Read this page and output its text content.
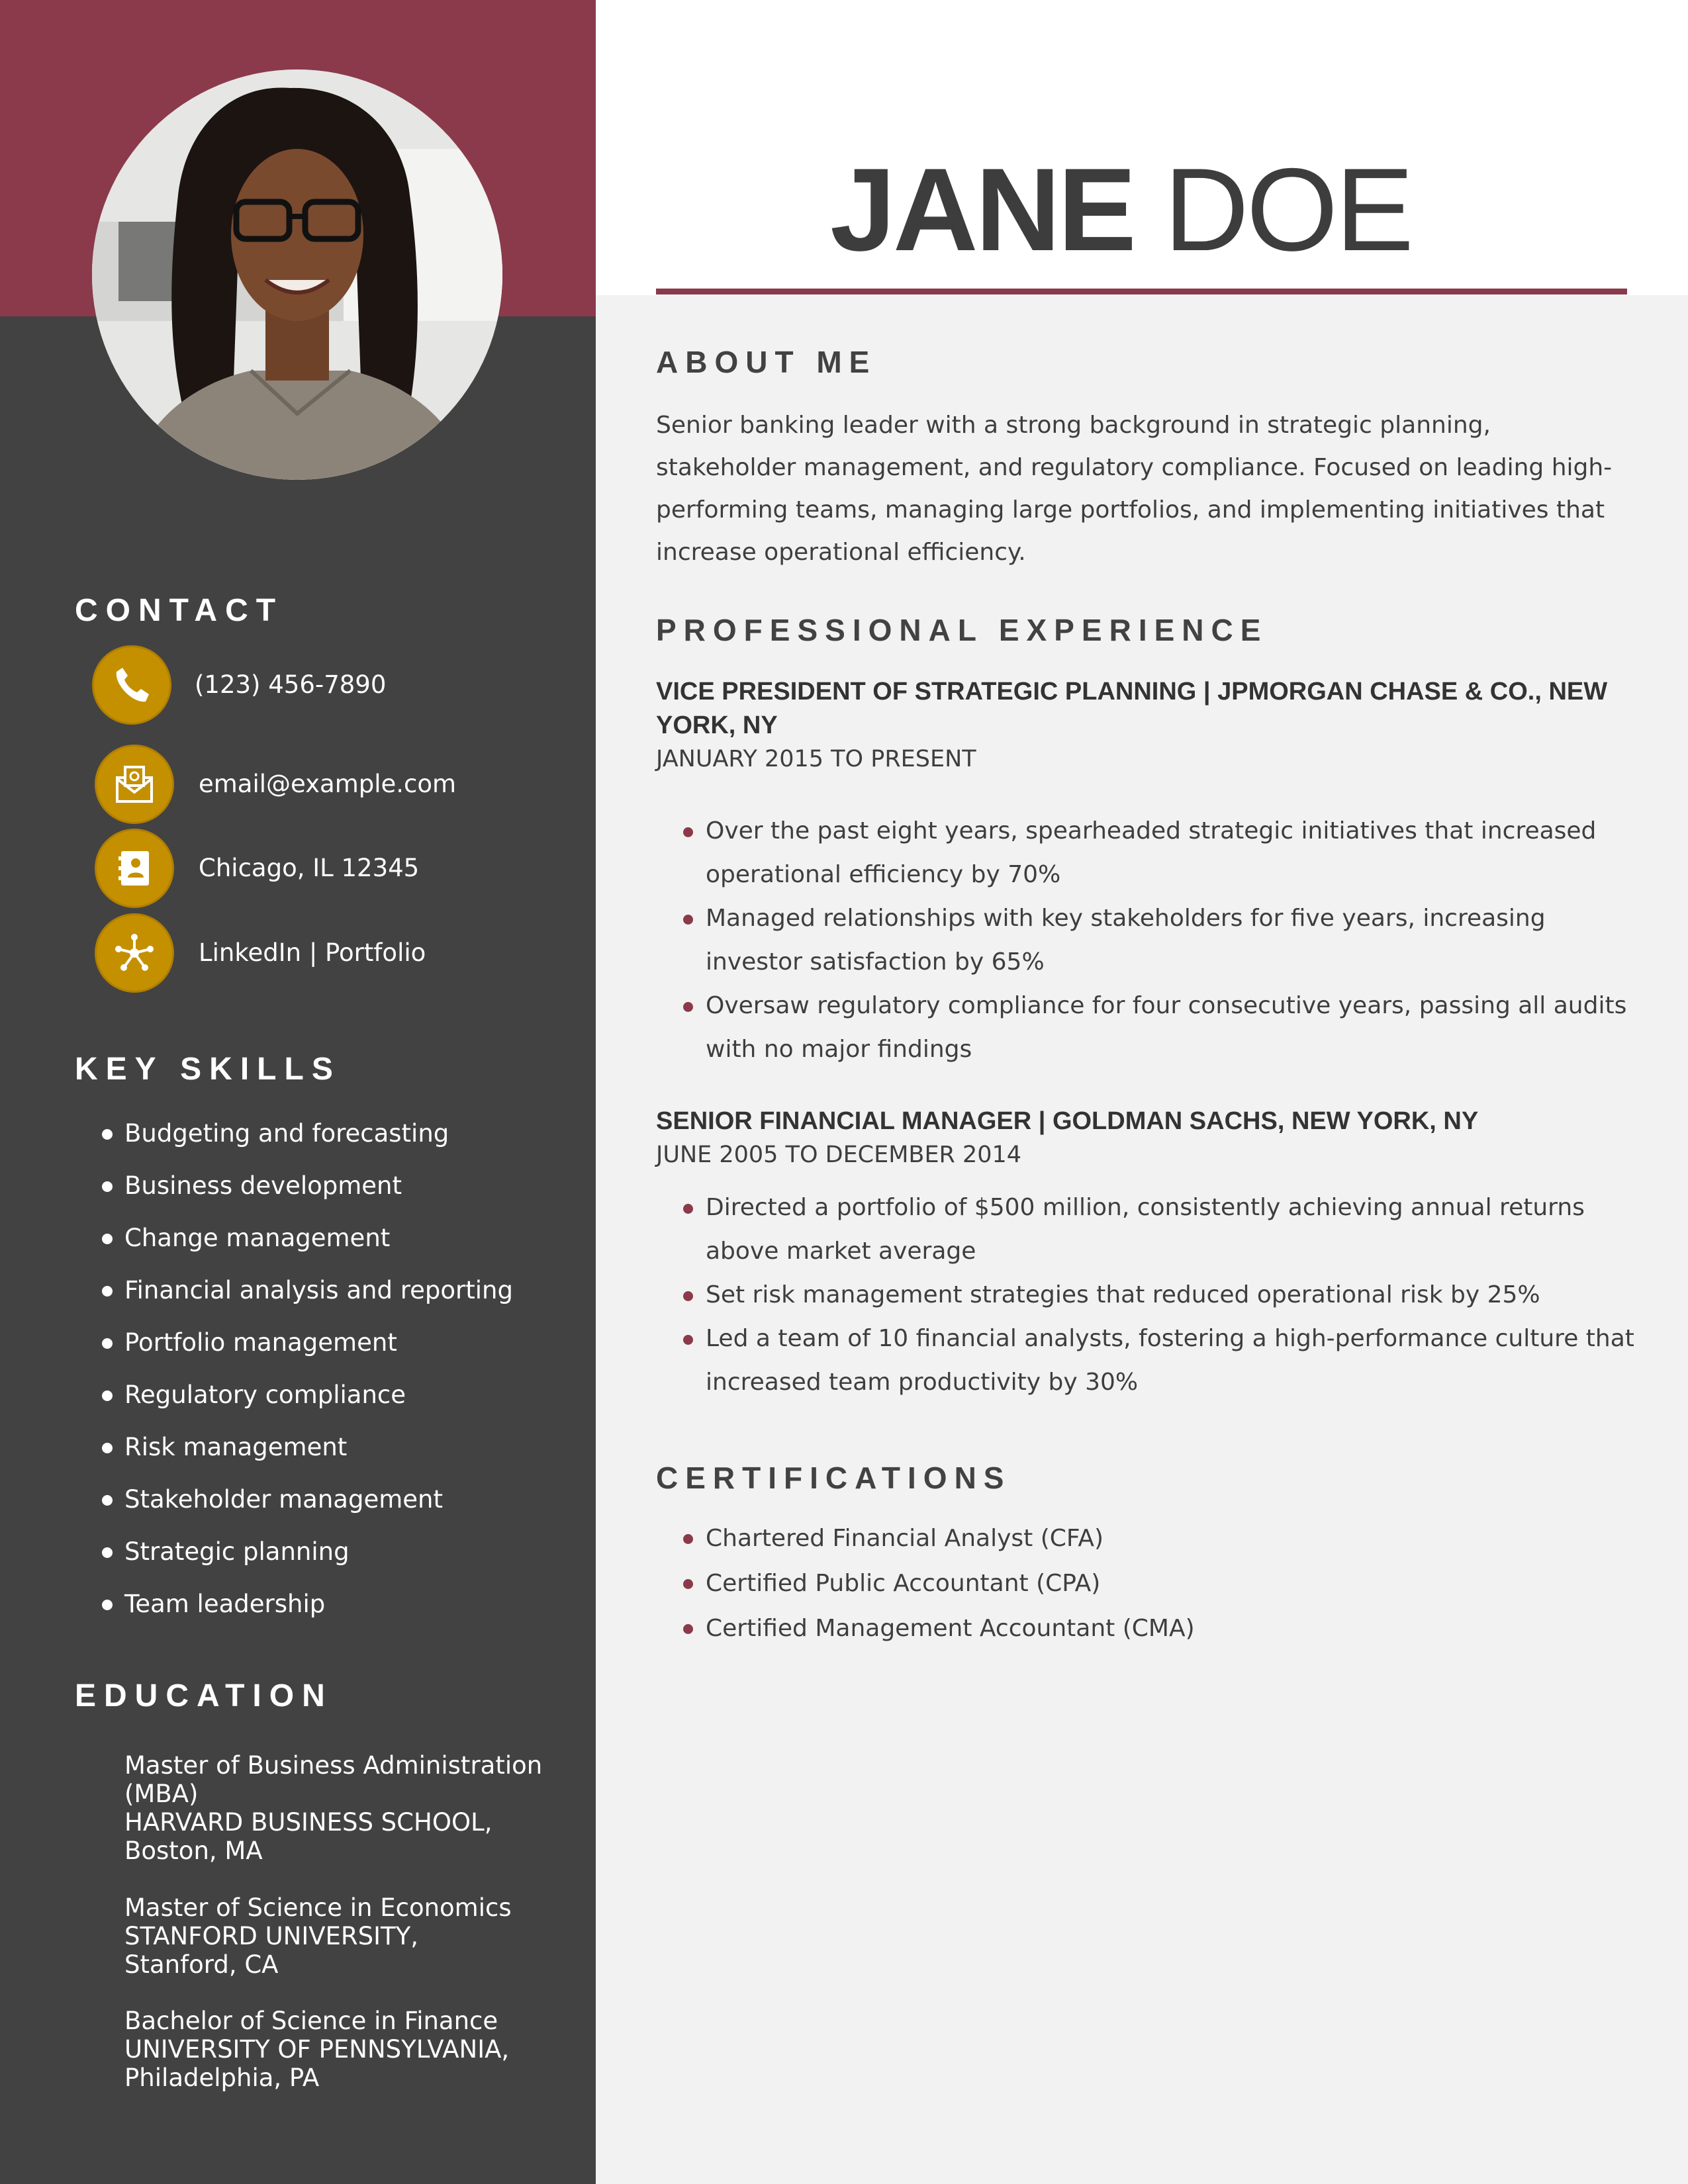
CONTACT
(123) 456-7890
email@example.com
Chicago, IL 12345
LinkedIn | Portfolio
KEY SKILLS
Budgeting and forecasting
Business development
Change management
Financial analysis and reporting
Portfolio management
Regulatory compliance
Risk management
Stakeholder management
Strategic planning
Team leadership
EDUCATION
Master of Business Administration (MBA)
HARVARD BUSINESS SCHOOL,
Boston, MA
Master of Science in Economics
STANFORD UNIVERSITY,
Stanford, CA
Bachelor of Science in Finance
UNIVERSITY OF PENNSYLVANIA,
Philadelphia, PA
JANE DOE
ABOUT ME

Senior banking leader with a strong background in strategic planning, stakeholder management, and regulatory compliance. Focused on leading high-performing teams, managing large portfolios, and implementing initiatives that increase operational efficiency.

PROFESSIONAL EXPERIENCE

VICE PRESIDENT OF STRATEGIC PLANNING | JPMORGAN CHASE & CO., NEW YORK, NY

JANUARY 2015 TO PRESENT

Over the past eight years, spearheaded strategic initiatives that increased operational efficiency by 70%
Managed relationships with key stakeholders for five years, increasing investor satisfaction by 65%
Oversaw regulatory compliance for four consecutive years, passing all audits with no major findings

SENIOR FINANCIAL MANAGER | GOLDMAN SACHS, NEW YORK, NY

JUNE 2005 TO DECEMBER 2014

Directed a portfolio of $500 million, consistently achieving annual returns above market average
Set risk management strategies that reduced operational risk by 25%
Led a team of 10 financial analysts, fostering a high-performance culture that increased team productivity by 30%
CERTIFICATIONS
Chartered Financial Analyst (CFA)
Certified Public Accountant (CPA)
Certified Management Accountant (CMA)
